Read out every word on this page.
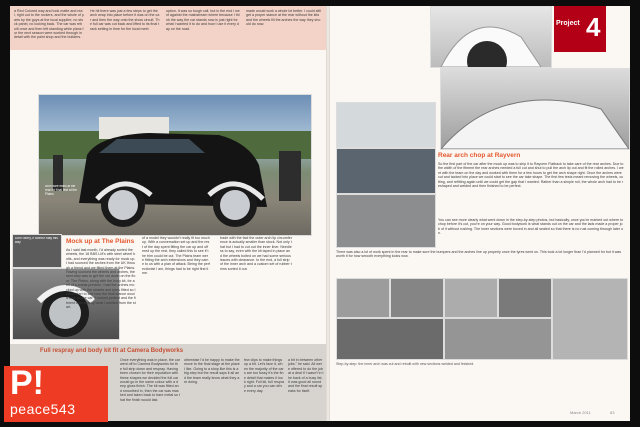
a Red Colored way and took matte and real, right out to the rockers, and the whole of parts by the guys at the local supplier; no stock panel, no looking back. The car was rebuilt once and then left standing while plans for the next season were worked through in detail with the paint shop and the builders.
He hit there was just a few steps to get the arch wrap into place before it was on the car and then the way onto the show circuit. The full car was cut back and lifted to its final track setting in time for the local meet.
option. It was so tough call, but in the end I went against the mainstream where because I think the way the car stands now is just right for what I wanted it to do and how I use it every day on the road.
made would work a whole lot better. I could still get a proper stance at the rear without the kits and the wheels fill the arches the way they should do now.
Arch flare fitted at the rear for final test at the Plains
Mock up at The Plains
Don't worry, it doesn't stay this way
As I said last month, I'd already sorted the wheels, the 18 BBS LM's with steel wheel bolts, and everything was ready for mock up. I had sourced the arches from the UK through a friend and we fitted them at the Plains. Having sourced the wheels and arches, the next step was to get the car down on the floor. The Plains, along with the body kit, for a bit of a sneak preview. I had the arches mocked up with the wheels and tyres fitted so I could start to see how the final stance would look on the car. It looked perfect and the fitment was exactly what I wanted from the start.
of a model they wouldn't really fit too much up. With a conversation set up and the rest of the day spent fitting the car up and offered up the rest, they called this to see if the trim could be cut. The Plains team were fitting the arch extensions and they came to us with a plan of attack. Being the perfectionist I am, things had to be right first time.
trade with the fact the outer arch lip circumference is actually smaller than stock. Not only that but I had to cut out the inner liner. Needless to say, even with the kit taped in place and the wheels bolted on we had some serious issues with clearance. In the end, a full strip of the inner arch and a custom set of rubber trims sorted it out.
Full respray and body kit fit at Camera Bodyworks
Once everything was in place, the car went off to Camera Bodyworks for the full strip down and respray. Having been chosen for their reputation with these shapes we decided the full car would go in the same colour with a deep gloss finish. The kit was fitted and smoothed in, then the car was masked and taken back to bare metal so that the finish would last.
otherwise I'd be happy to make the move to the final stage at the place I like. Going to a shop like this is a big step but the result says it all and the team really know what they are doing.
few clips to make things up a bit. Let's face it, when the majority of the cars are too fussy it's the fine detail that makes it look right. Full kit, full respray and a car you can drive every day.
a bit in between other jobs." he said. All were offered to do the job at a deal if I wasn't in the back of a busy list. It was good all round and the final result speaks for itself.
Project 4
Rear arch chop at Rayvern
So the first part of the car after the mock up was to ship it to Rayvern Flatback to take care of the rear arches. Due to the width of the fitment the rear arches needed a full cut and shut to pull the arch lip out and fit the rolled arches. I went with the team on the day and worked with them for a few hours to get the arch shape right. Once the arches were cut and tacked into place we could start to see the car take shape. The first few tests meant removing the wheels, cutting, and refitting again until we could get the gap that I wanted. Rather than a simple roll, the whole arch had to be reshaped and welded and then finished to be perfect.
You can see more clearly what went down in the step-by-step photos, but basically, once you're marked out where to chop before it's cut, you're on your way. Good bodywork is what stands out on the car and the lads made a proper job of it without rushing. The inner sections were boxed in and all sealed so that there is no rust coming through later on.
There was also a lot of work spent in the rear to make sure the bumpers and the arches line up properly once the tyres went on. This took a lot longer than I'd planned for but it was worth it for how smooth everything looks now.
Step-by-step: the inner arch was cut and rebuilt with new sections welded and finished.
March 2011	63
P!
peace543
